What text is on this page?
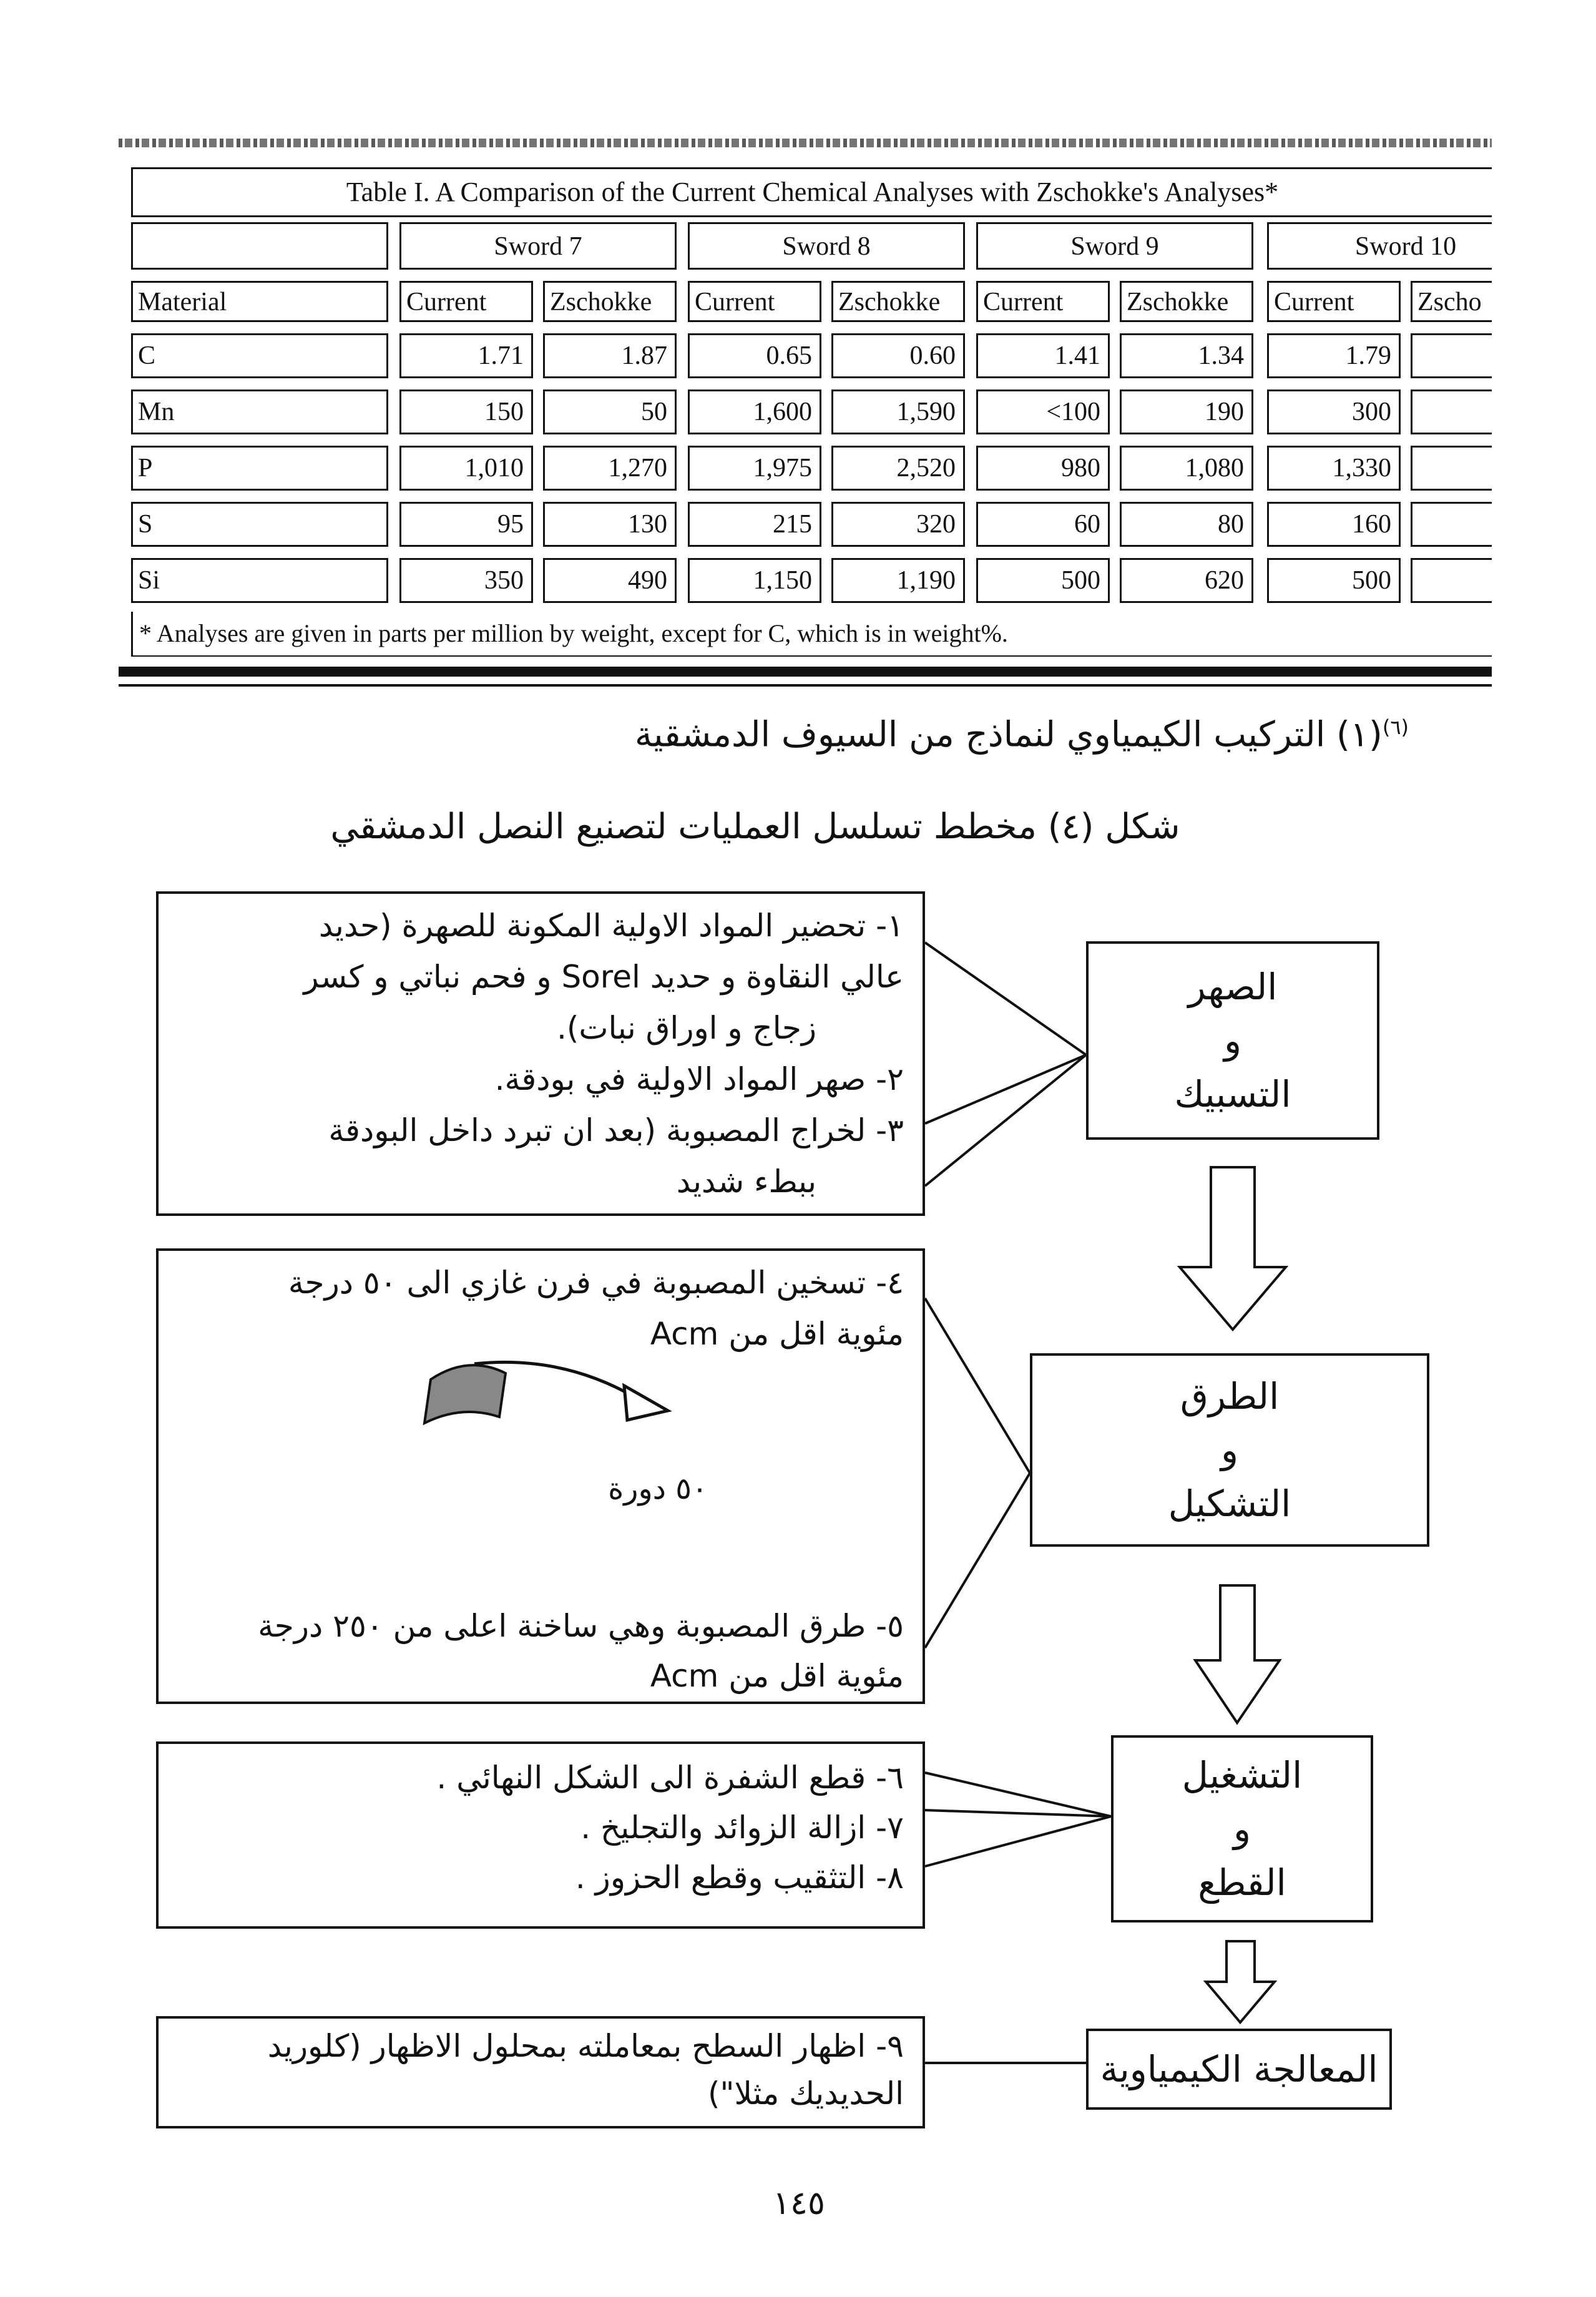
Table I. A Comparison of the Current Chemical Analyses with Zschokke's Analyses*
Sword 7	Sword 8	Sword 9	Sword 10
Material	Current	Zschokke	Current	Zschokke	Current	Zschokke	Current	Zscho
C	1.71	1.87	0.65	0.60	1.41	1.34	1.79
Mn	150	50	1,600	1,590	<100	190	300
P	1,010	1,270	1,975	2,520	980	1,080	1,330
S	95	130	215	320	60	80	160
Si	350	490	1,150	1,190	500	620	500
* Analyses are given in parts per million by weight, except for C, which is in weight%.
$^{(٦)}$(١) التركيب الكيمياوي لنماذج من السيوف الدمشقية
شكل (٤) مخطط تسلسل العمليات لتصنيع النصل الدمشقي
١- تحضير المواد الاولية المكونة للصهرة (حديد
عالي النقاوة و حديد Sorel و فحم نباتي و كسر
زجاج و اوراق نبات).
٢- صهر المواد الاولية في بودقة.
٣- لخراج المصبوبة (بعد ان تبرد داخل البودقة
ببطء شديد
٤- تسخين المصبوبة في فرن غازي الى ٥٠ درجة
مئوية اقل من Acm
٥٠ دورة
٥- طرق المصبوبة وهي ساخنة اعلى من ٢٥٠ درجة
مئوية اقل من Acm
٦- قطع الشفرة الى الشكل النهائي .
٧- ازالة الزوائد والتجليخ .
٨- التثقيب وقطع الحزوز .
٩- اظهار السطح بمعاملته بمحلول الاظهار (كلوريد
الحديديك مثلا")
الصهر
و
التسبيك
الطرق
و
التشكيل
التشغيل
و
القطع
المعالجة الكيمياوية
١٤٥
